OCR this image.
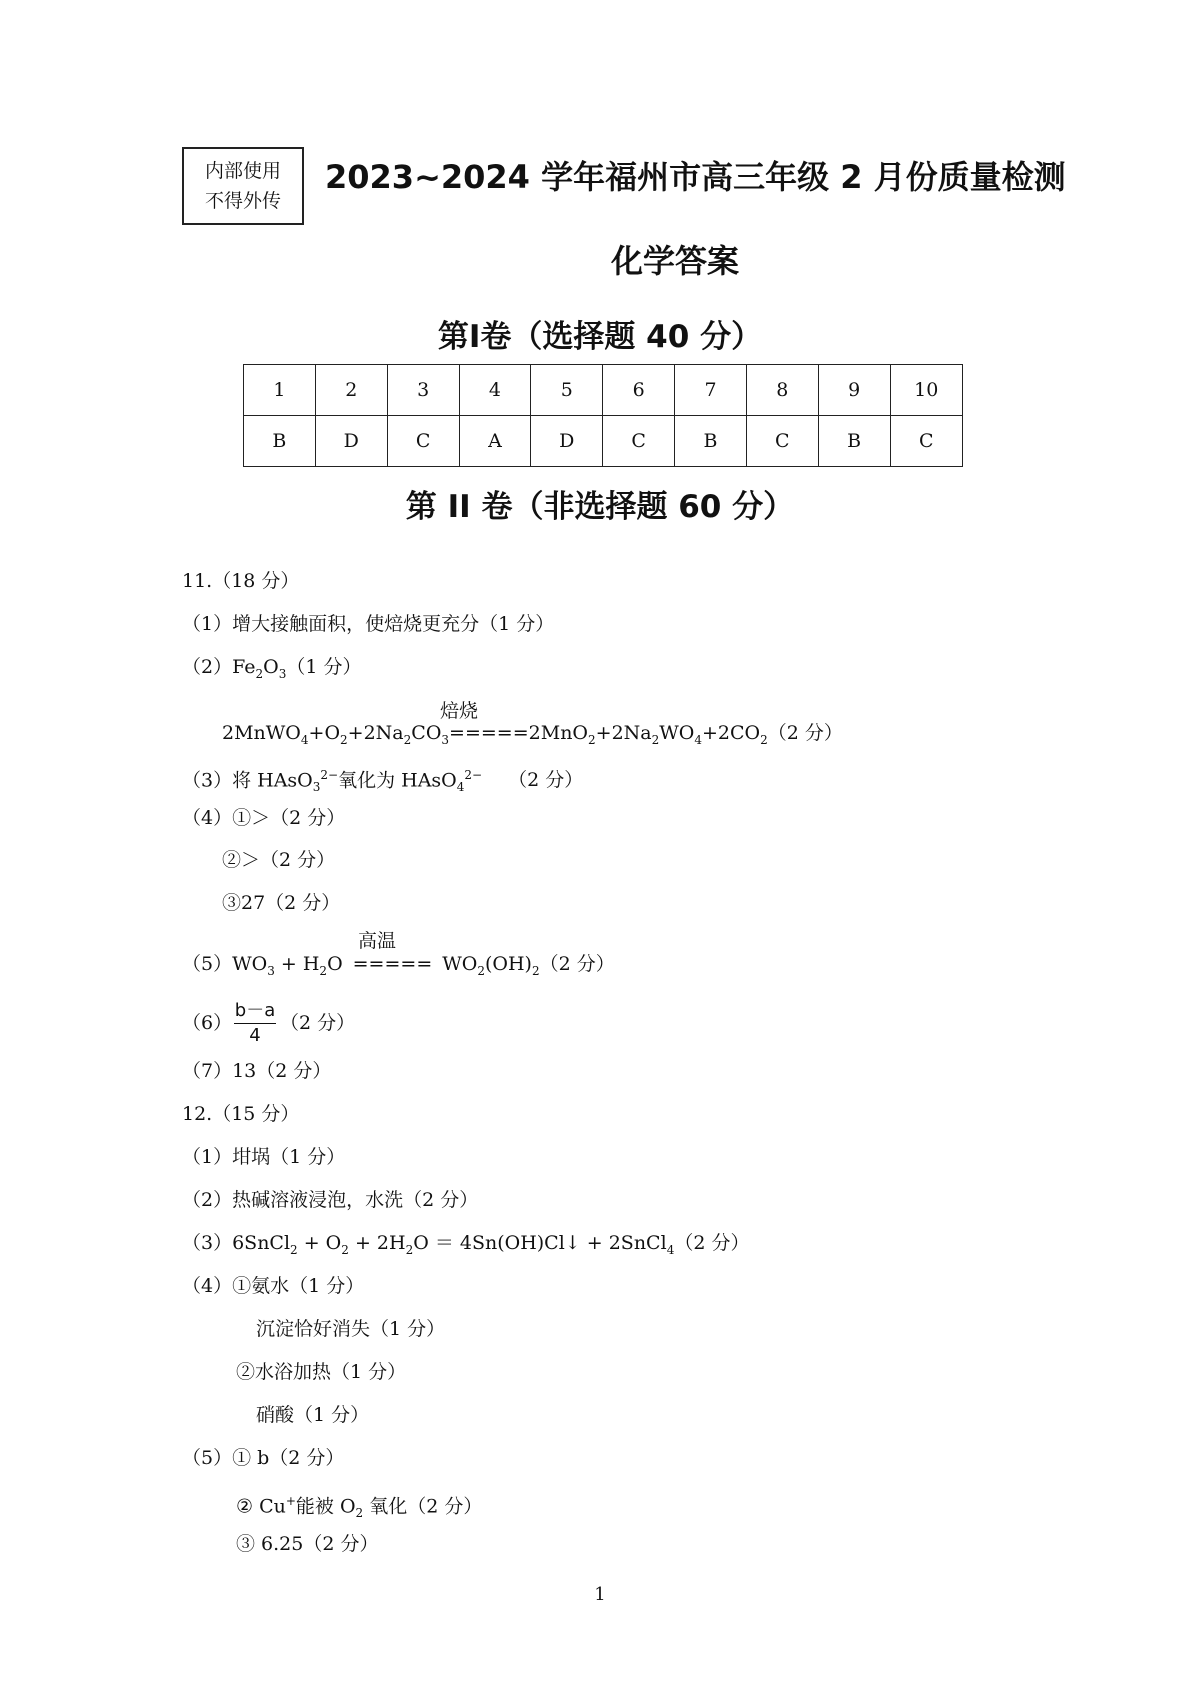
内部使用
不得外传
2023~2024 学年福州市高三年级 2 月份质量检测
化学答案
第Ⅰ卷（选择题 40 分）
1	2	3	4	5	6	7	8	9	10
B	D	C	A	D	C	B	C	B	C
第 II 卷（非选择题 60 分）
11.（18 分）
（1）增大接触面积，使焙烧更充分（1 分）
$(2)Fe_2O_3(1$ 分）
焙烧
$2MnWO_4+O_2+2Na_2CO_3=====2MnO_2+2Na_2WO_4+2CO_2(2$ 分）
（3）将 HAsO$_3^{2-}$氧化为 HAsO$_4^{2-}$ （2 分）
（4）①＞（2 分）
②＞（2 分）
③27（2 分）
高温
$(5)WO_3 + H_2O$ ===== $WO_2(OH)_2(2$ 分）
$(6) \frac{b-a}{4} (2$ 分）
（7）13（2 分）
12.（15 分）
（1）坩埚（1 分）
（2）热碱溶液浸泡，水洗（2 分）
（3）6SnCl$_2$ + $O_2 + 2H_2O$ ＝ 4Sn(OH)Cl↓ + 2SnCl$_4$（2 分）
（4）①氨水（1 分）
沉淀恰好消失（1 分）
②水浴加热（1 分）
硝酸（1 分）
（5）① b（2 分）
② Cu+能被 $O_2$ 氧化（2 分）
③ 6.25（2 分）
1
